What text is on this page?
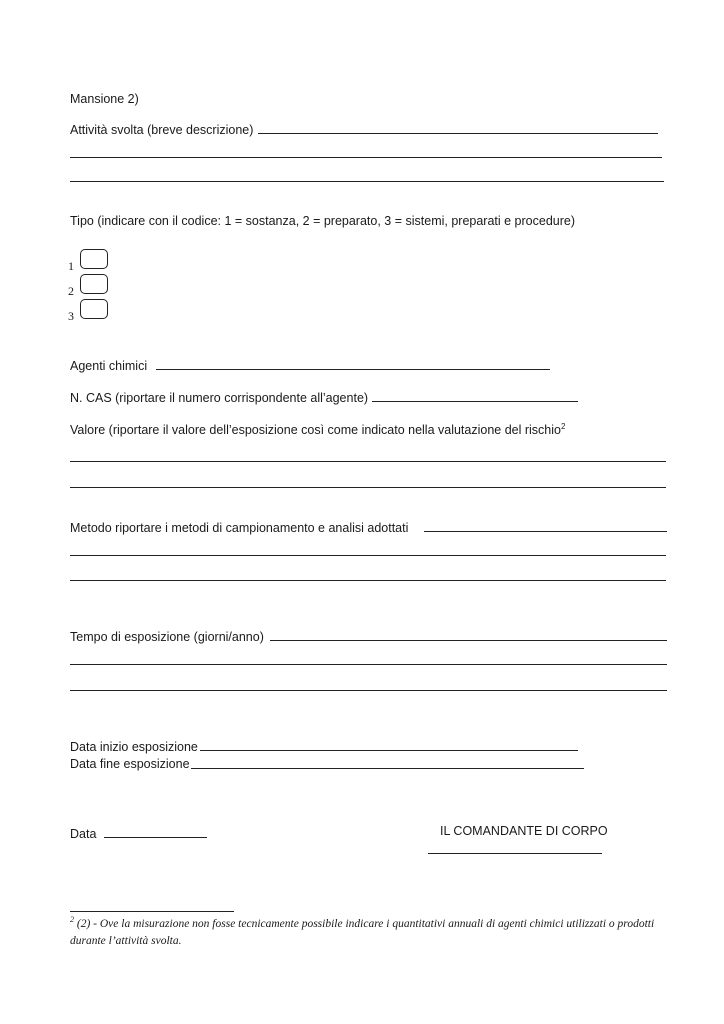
Mansione 2)
Attività svolta (breve descrizione)
Tipo (indicare con il codice: 1 = sostanza, 2 = preparato, 3 = sistemi, preparati e procedure)
1
2
3
Agenti chimici
N. CAS (riportare il numero corrispondente all’agente)
Valore (riportare il valore dell’esposizione così come indicato nella valutazione del rischio$^2$
Metodo riportare i metodi di campionamento e analisi adottati
Tempo di esposizione (giorni/anno)
Data inizio esposizione
Data fine esposizione
Data	IL COMANDANTE DI CORPO
$^2$ (2) - Ove la misurazione non fosse tecnicamente possibile indicare i quantitativi annuali di agenti chimici utilizzati o prodotti durante l’attività svolta.
